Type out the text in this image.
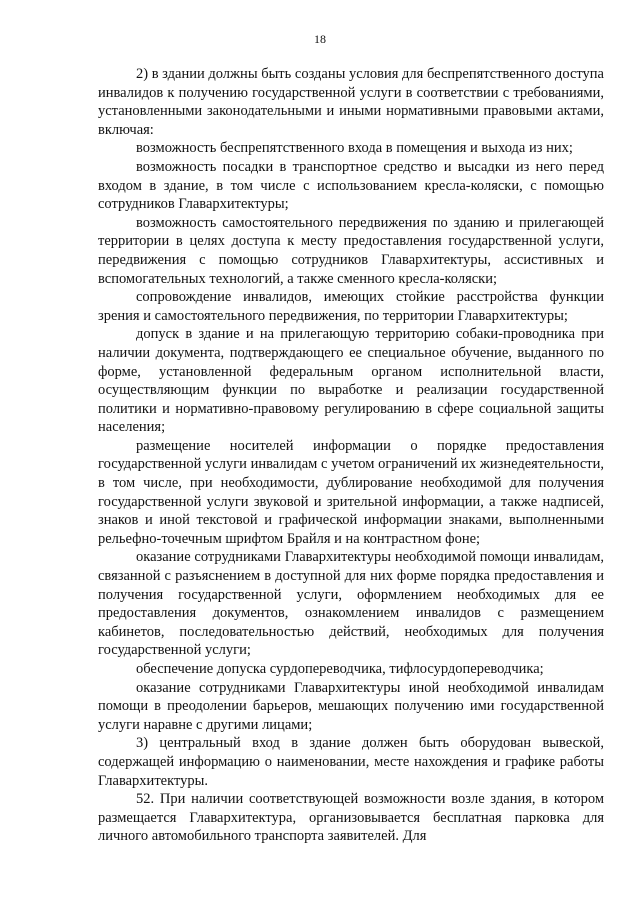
18

2) в здании должны быть созданы условия для беспрепятственного доступа инвалидов к получению государственной услуги в соответствии с требованиями, установленными законодательными и иными нормативными правовыми актами, включая:

возможность беспрепятственного входа в помещения и выхода из них;

возможность посадки в транспортное средство и высадки из него перед входом в здание, в том числе с использованием кресла-коляски, с помощью сотрудников Главархитектуры;

возможность самостоятельного передвижения по зданию и прилегающей территории в целях доступа к месту предоставления государственной услуги, передвижения с помощью сотрудников Главархитектуры, ассистивных и вспомогательных технологий, а также сменного кресла-коляски;

сопровождение инвалидов, имеющих стойкие расстройства функции зрения и самостоятельного передвижения, по территории Главархитектуры;

допуск в здание и на прилегающую территорию собаки-проводника при наличии документа, подтверждающего ее специальное обучение, выданного по форме, установленной федеральным органом исполнительной власти, осуществляющим функции по выработке и реализации государственной политики и нормативно-правовому регулированию в сфере социальной защиты населения;

размещение носителей информации о порядке предоставления государственной услуги инвалидам с учетом ограничений их жизнедеятельности, в том числе, при необходимости, дублирование необходимой для получения государственной услуги звуковой и зрительной информации, а также надписей, знаков и иной текстовой и графической информации знаками, выполненными рельефно-точечным шрифтом Брайля и на контрастном фоне;

оказание сотрудниками Главархитектуры необходимой помощи инвалидам, связанной с разъяснением в доступной для них форме порядка предоставления и получения государственной услуги, оформлением необходимых для ее предоставления документов, ознакомлением инвалидов с размещением кабинетов, последовательностью действий, необходимых для получения государственной услуги;

обеспечение допуска сурдопереводчика, тифлосурдопереводчика;

оказание сотрудниками Главархитектуры иной необходимой инвалидам помощи в преодолении барьеров, мешающих получению ими государственной услуги наравне с другими лицами;

3) центральный вход в здание должен быть оборудован вывеской, содержащей информацию о наименовании, месте нахождения и графике работы Главархитектуры.

52. При наличии соответствующей возможности возле здания, в котором размещается Главархитектура, организовывается бесплатная парковка для личного автомобильного транспорта заявителей. Для
